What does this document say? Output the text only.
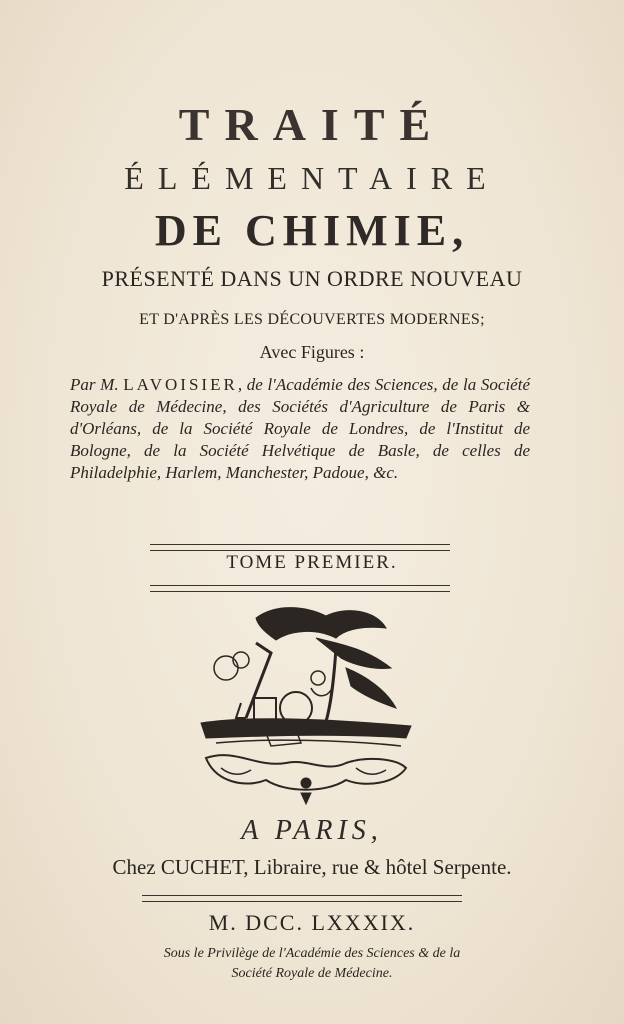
TRAITÉ
ÉLÉMENTAIRE
DE CHIMIE,
PRÉSENTÉ DANS UN ORDRE NOUVEAU
ET D'APRÈS LES DÉCOUVERTES MODERNES;
Avec Figures :
Par M. LAVOISIER, de l'Académie des Sciences, de la Société Royale de Médecine, des Sociétés d'Agriculture de Paris & d'Orléans, de la Société Royale de Londres, de l'Institut de Bologne, de la Société Helvétique de Basle, de celles de Philadelphie, Harlem, Manchester, Padoue, &c.
TOME PREMIER.
A PARIS,
Chez CUCHET, Libraire, rue & hôtel Serpente.
M. DCC. LXXXIX.
Sous le Privilège de l'Académie des Sciences & de la
Société Royale de Médecine.
